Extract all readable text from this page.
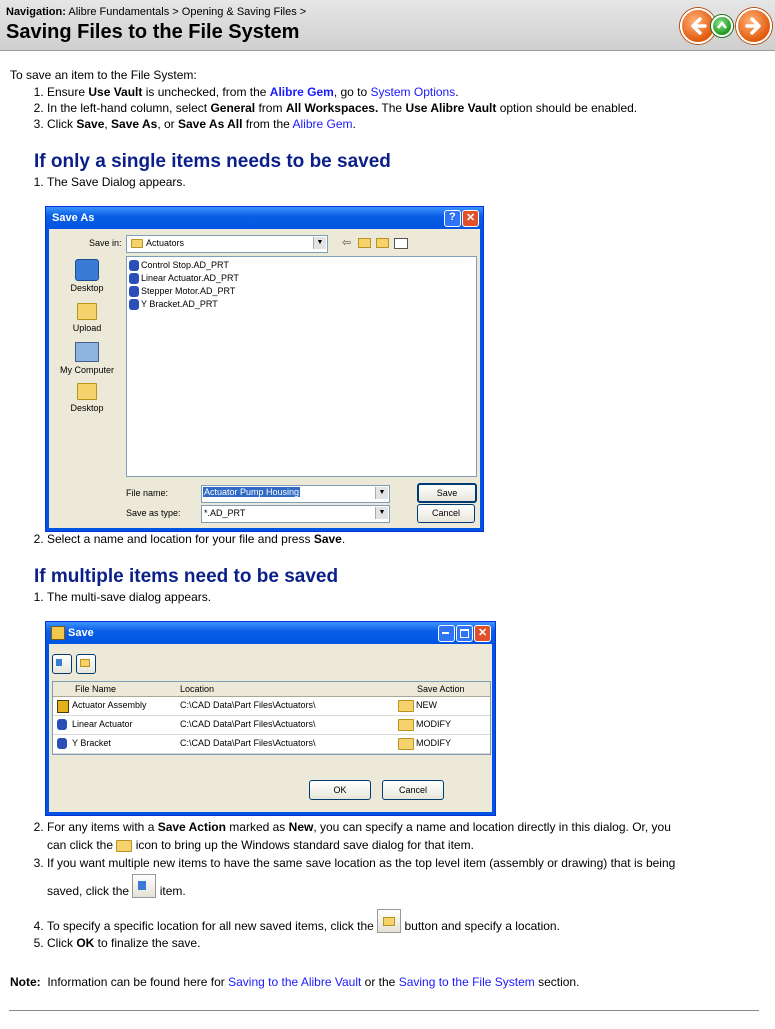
Navigation: Alibre Fundamentals > Opening & Saving Files >
Saving Files to the File System
To save an item to the File System:
1. Ensure Use Vault is unchecked, from the Alibre Gem, go to System Options.
2. In the left-hand column, select General from All Workspaces. The Use Alibre Vault option should be enabled.
3. Click Save, Save As, or Save As All from the Alibre Gem.
If only a single items needs to be saved
1. The Save Dialog appears.
Save As	? ✕
Save in:	Actuators	▼ ⇦
Desktop
Upload
My Computer
Desktop
Control Stop.AD_PRT
Linear Actuator.AD_PRT
Stepper Motor.AD_PRT
Y Bracket.AD_PRT
File name:	Actuator Pump Housing	▼
Save as type:	*.AD_PRT	▼
Save
Cancel
2. Select a name and location for your file and press Save.
If multiple items need to be saved
1. The multi-save dialog appears.
Save	✕
File Name	Location	Save Action
Actuator Assembly	C:\CAD Data\Part Files\Actuators\	NEW
Linear Actuator	C:\CAD Data\Part Files\Actuators\	MODIFY
Y Bracket	C:\CAD Data\Part Files\Actuators\	MODIFY
OK	Cancel
2. For any items with a Save Action marked as New, you can specify a name and location directly in this dialog. Or, you
can click the icon to bring up the Windows standard save dialog for that item.
3. If you want multiple new items to have the same save location as the top level item (assembly or drawing) that is being
saved, click the	item.
4. To specify a specific location for all new saved items, click the	button and specify a location.
5. Click OK to finalize the save.
Note: Information can be found here for Saving to the Alibre Vault or the Saving to the File System section.
